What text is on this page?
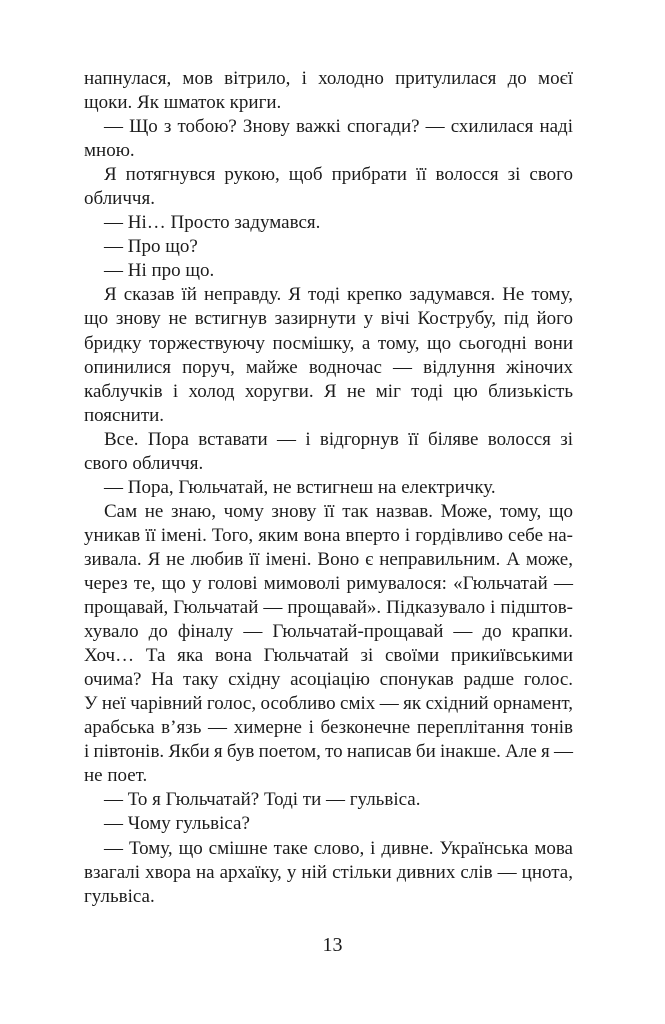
напнулася, мов вітрило, і холодно притулилася до моєї
щоки. Як шматок криги.
— Що з тобою? Знову важкі спогади? — схилилася наді
мною.
Я потягнувся рукою, щоб прибрати її волосся зі свого
обличчя.
— Ні… Просто задумався.
— Про що?
— Ні про що.
Я сказав їй неправду. Я тоді крепко задумався. Не тому,
що знову не встигнув зазирнути у вічі Кострубу, під його
бридку торжествуючу посмішку, а тому, що сьогодні вони
опинилися поруч, майже водночас — відлуння жіночих
каблучків і холод хоругви. Я не міг тоді цю близькість
пояснити.
Все. Пора вставати — і відгорнув її біляве волосся зі
свого обличчя.
— Пора, Гюльчатай, не встигнеш на електричку.
Сам не знаю, чому знову її так назвав. Може, тому, що
уникав її імені. Того, яким вона вперто і гордівливо себе на-
зивала. Я не любив її імені. Воно є неправильним. А може,
через те, що у голові мимоволі римувалося: «Гюльчатай —
прощавай, Гюльчатай — прощавай». Підказувало і підштов-
хувало до фіналу — Гюльчатай-прощавай — до крапки.
Хоч… Та яка вона Гюльчатай зі своїми прикиївськими
очима? На таку східну асоціацію спонукав радше голос.
У неї чарівний голос, особливо сміх — як східний орнамент,
арабська в’язь — химерне і безконечне переплітання тонів
і півтонів. Якби я був поетом, то написав би інакше. Але я —
не поет.
— То я Гюльчатай? Тоді ти — гульвіса.
— Чому гульвіса?
— Тому, що смішне таке слово, і дивне. Українська мова
взагалі хвора на архаїку, у ній стільки дивних слів — цнота,
гульвіса.
13
